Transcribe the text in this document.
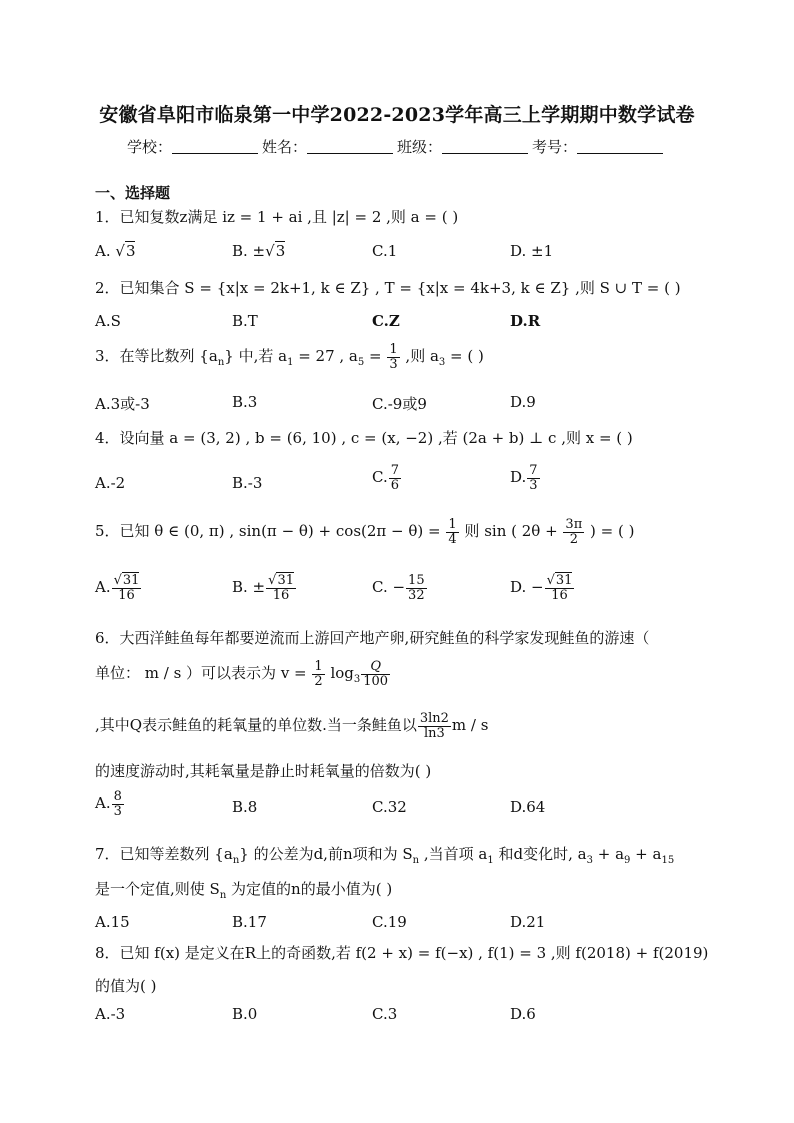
安徽省阜阳市临泉第一中学2022-2023学年高三上学期期中数学试卷
学校：	姓名：	班级：	考号：
一、选择题
1．已知复数z满足 iz = 1 + ai ,且 |z| = 2 ,则 a = ( )
A. √3	B. ±√3	C.1	D. ±1
2．已知集合 S = {x|x = 2k+1, k ∈ Z} , T = {x|x = 4k+3, k ∈ Z} ,则 S ∪ T = ( )
A.S	B.T	C.Z	D.R
3．在等比数列 $\{a_n\}$ 中,若 $a_1 = 27$ , $a_5 = \frac{1}{3}$ ,则 $a_3$ = ( )
A.3或-3	B.3	C.-9或9	D.9
4．设向量 a = (3, 2) , b = (6, 10) , c = (x, −2) ,若 (2a + b) ⊥ c ,则 x = ( )
A.-2	B.-3	C. $\frac{7}{6}$	D. $\frac{7}{3}$
5．已知 θ ∈ (0, π) , $\sin(\pi - \theta) + \cos(2\pi - \theta) = \frac{1}{4}$ 则 sin ( $2\theta + \frac{3\pi}{2}$ ) = ( )
A. $\frac{√31}{16}$	B. ± $\frac{√31}{16}$	C. − $\frac{15}{32}$	D. − $\frac{√31}{16}$
6．大西洋鲑鱼每年都要逆流而上游回产地产卵,研究鲑鱼的科学家发现鲑鱼的游速（
单位： m / s ）可以表示为 $v = \frac{1}{2} \log_3 \frac{Q}{100}$
,其中Q表示鲑鱼的耗氧量的单位数.当一条鲑鱼以 $\frac{3\ln 2}{\ln 3}$ m / s
的速度游动时,其耗氧量是静止时耗氧量的倍数为( )
A. $\frac{8}{3}$	B.8	C.32	D.64
7．已知等差数列 $\{a_n\}$ 的公差为d,前n项和为 $S_n$ ,当首项 $a_1$ 和d变化时, $a_3 + a_9 + a_{15}$
是一个定值,则使 $S_n$ 为定值的n的最小值为( )
A.15	B.17	C.19	D.21
8．已知 f(x) 是定义在R上的奇函数,若 f(2 + x) = f(−x) , f(1) = 3 ,则 f(2018) + f(2019)
的值为( )
A.-3	B.0	C.3	D.6
